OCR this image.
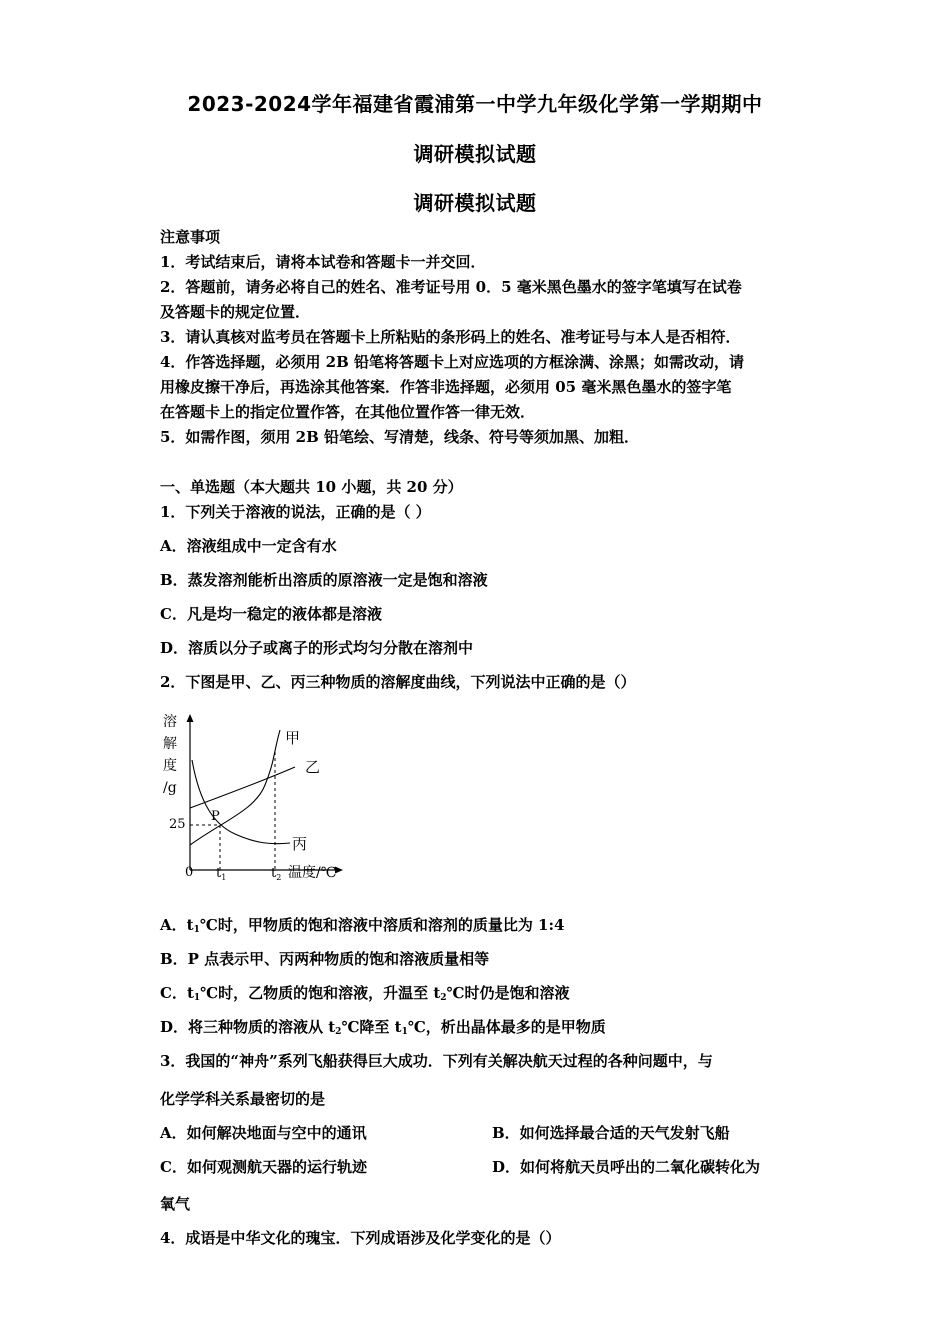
2023-2024学年福建省霞浦第一中学九年级化学第一学期期中
调研模拟试题
调研模拟试题
注意事项
1．考试结束后，请将本试卷和答题卡一并交回．
2．答题前，请务必将自己的姓名、准考证号用 0．5 毫米黑色墨水的签字笔填写在试卷
及答题卡的规定位置．
3．请认真核对监考员在答题卡上所粘贴的条形码上的姓名、准考证号与本人是否相符．
4．作答选择题，必须用 2B 铅笔将答题卡上对应选项的方框涂满、涂黑；如需改动，请
用橡皮擦干净后，再选涂其他答案．作答非选择题，必须用 05 毫米黑色墨水的签字笔
在答题卡上的指定位置作答，在其他位置作答一律无效．
5．如需作图，须用 2B 铅笔绘、写清楚，线条、符号等须加黑、加粗．
一、单选题（本大题共 10 小题，共 20 分）
1．下列关于溶液的说法，正确的是（ ）
A．溶液组成中一定含有水
B．蒸发溶剂能析出溶质的原溶液一定是饱和溶液
C．凡是均一稳定的液体都是溶液
D．溶质以分子或离子的形式均匀分散在溶剂中
2．下图是甲、乙、丙三种物质的溶解度曲线，下列说法中正确的是（）
溶
解
度
/g
25
0 $t_1$	$t_2$ 温度/℃
P
甲
乙
丙
A．$t_1℃$时，甲物质的饱和溶液中溶质和溶剂的质量比为 1:4
B．P 点表示甲、丙两种物质的饱和溶液质量相等
C．$t_1℃$时，乙物质的饱和溶液，升温至 $t_2℃$时仍是饱和溶液
D．将三种物质的溶液从 $t_2℃$降至 $t_1℃$，析出晶体最多的是甲物质
3．我国的“神舟”系列飞船获得巨大成功．下列有关解决航天过程的各种问题中，与
化学学科关系最密切的是
A．如何解决地面与空中的通讯	B．如何选择最合适的天气发射飞船
C．如何观测航天器的运行轨迹	D．如何将航天员呼出的二氧化碳转化为
氧气
4．成语是中华文化的瑰宝．下列成语涉及化学变化的是（）
